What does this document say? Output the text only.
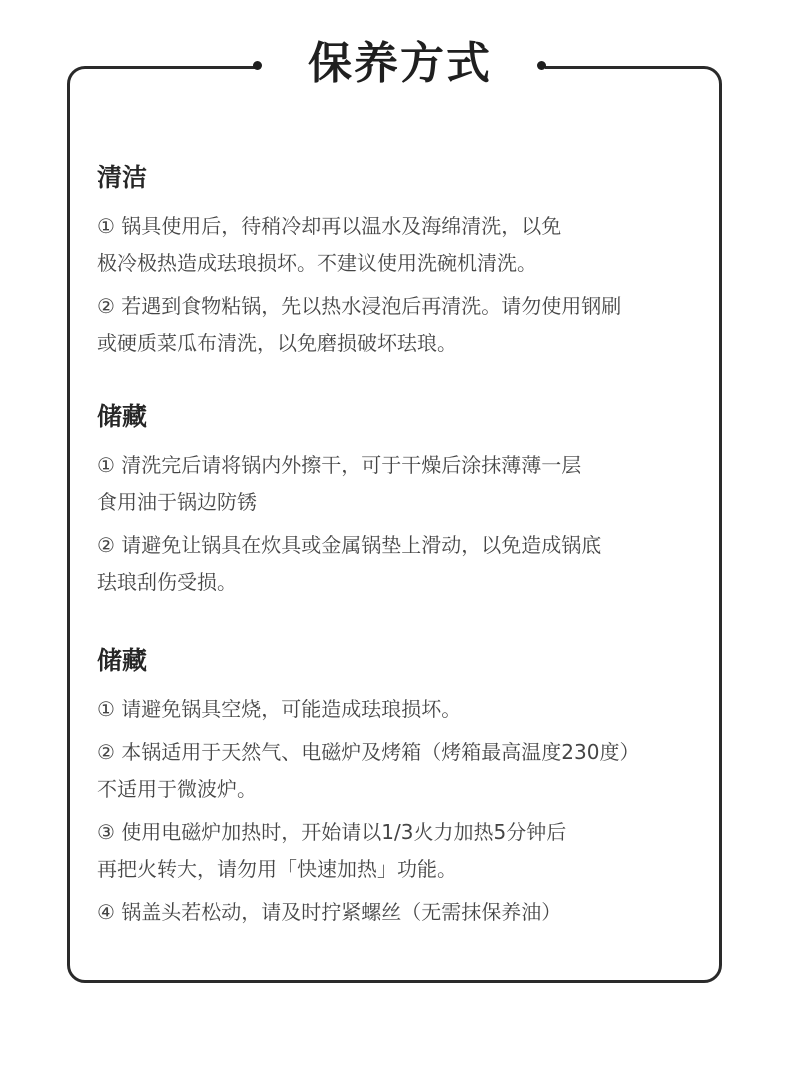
保养方式
清洁
① 锅具使用后，待稍冷却再以温水及海绵清洗，以免
极冷极热造成珐琅损坏。不建议使用洗碗机清洗。
② 若遇到食物粘锅，先以热水浸泡后再清洗。请勿使用钢刷
或硬质菜瓜布清洗，以免磨损破坏珐琅。
储藏
① 清洗完后请将锅内外擦干，可于干燥后涂抹薄薄一层
食用油于锅边防锈
② 请避免让锅具在炊具或金属锅垫上滑动，以免造成锅底
珐琅刮伤受损。
储藏
① 请避免锅具空烧，可能造成珐琅损坏。
② 本锅适用于天然气、电磁炉及烤箱（烤箱最高温度230度）
不适用于微波炉。
③ 使用电磁炉加热时，开始请以1/3火力加热5分钟后
再把火转大，请勿用「快速加热」功能。
④ 锅盖头若松动，请及时拧紧螺丝（无需抹保养油）
